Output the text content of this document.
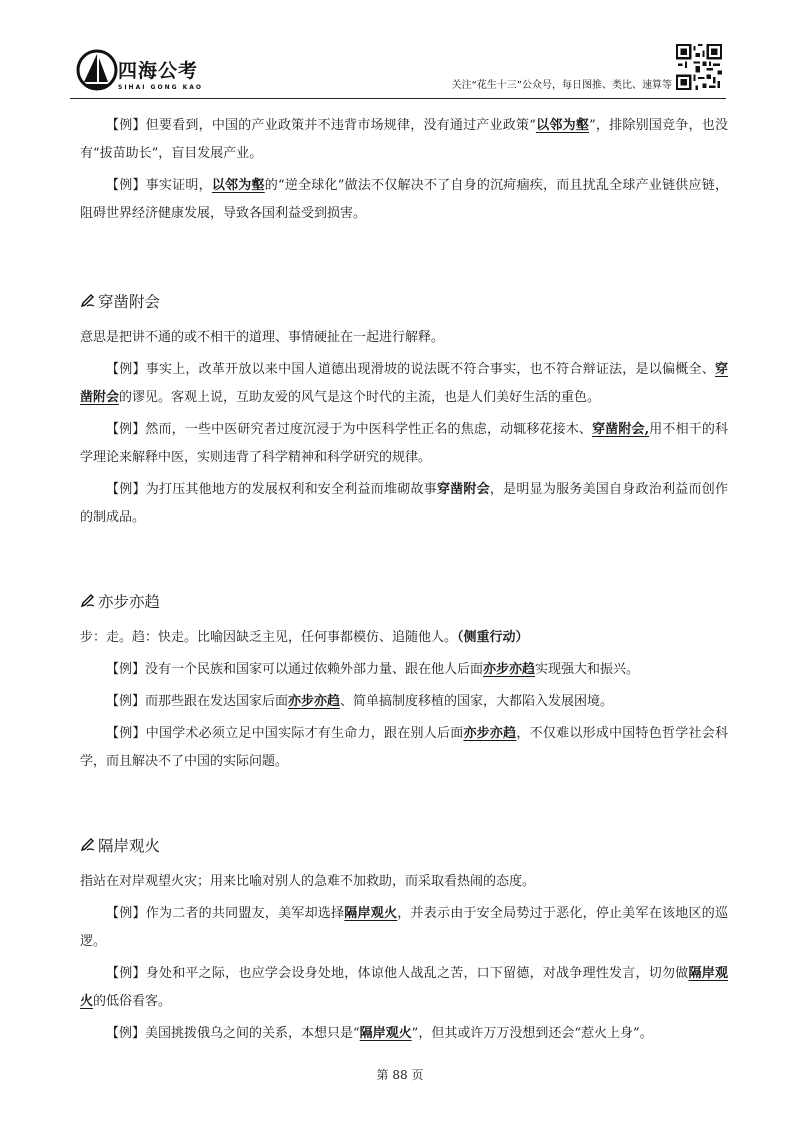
四海公考
SIHAI GONG KAO	关注“花生十三”公众号，每日图推、类比、速算等

【例】但要看到，中国的产业政策并不违背市场规律，没有通过产业政策“以邻为壑”，排除别国竞争，也没有“拔苗助长”，盲目发展产业。

【例】事实证明，以邻为壑的“逆全球化”做法不仅解决不了自身的沉疴痼疾，而且扰乱全球产业链供应链，阻碍世界经济健康发展，导致各国利益受到损害。

穿凿附会

意思是把讲不通的或不相干的道理、事情硬扯在一起进行解释。

【例】事实上，改革开放以来中国人道德出现滑坡的说法既不符合事实，也不符合辩证法，是以偏概全、穿凿附会的谬见。客观上说，互助友爱的风气是这个时代的主流，也是人们美好生活的重色。

【例】然而，一些中医研究者过度沉浸于为中医科学性正名的焦虑，动辄移花接木、穿凿附会,用不相干的科学理论来解释中医，实则违背了科学精神和科学研究的规律。

【例】为打压其他地方的发展权利和安全利益而堆砌故事穿凿附会，是明显为服务美国自身政治利益而创作的制成品。

亦步亦趋

步：走。趋：快走。比喻因缺乏主见，任何事都模仿、追随他人。（侧重行动）

【例】没有一个民族和国家可以通过依赖外部力量、跟在他人后面亦步亦趋实现强大和振兴。

【例】而那些跟在发达国家后面亦步亦趋、简单搞制度移植的国家，大都陷入发展困境。

【例】中国学术必须立足中国实际才有生命力，跟在别人后面亦步亦趋，不仅难以形成中国特色哲学社会科学，而且解决不了中国的实际问题。

隔岸观火

指站在对岸观望火灾；用来比喻对别人的急难不加救助，而采取看热闹的态度。

【例】作为二者的共同盟友，美军却选择隔岸观火，并表示由于安全局势过于恶化，停止美军在该地区的巡逻。

【例】身处和平之际，也应学会设身处地，体谅他人战乱之苦，口下留德，对战争理性发言，切勿做隔岸观火的低俗看客。

【例】美国挑拨俄乌之间的关系，本想只是“隔岸观火”，但其或许万万没想到还会“惹火上身”。

第 88 页
